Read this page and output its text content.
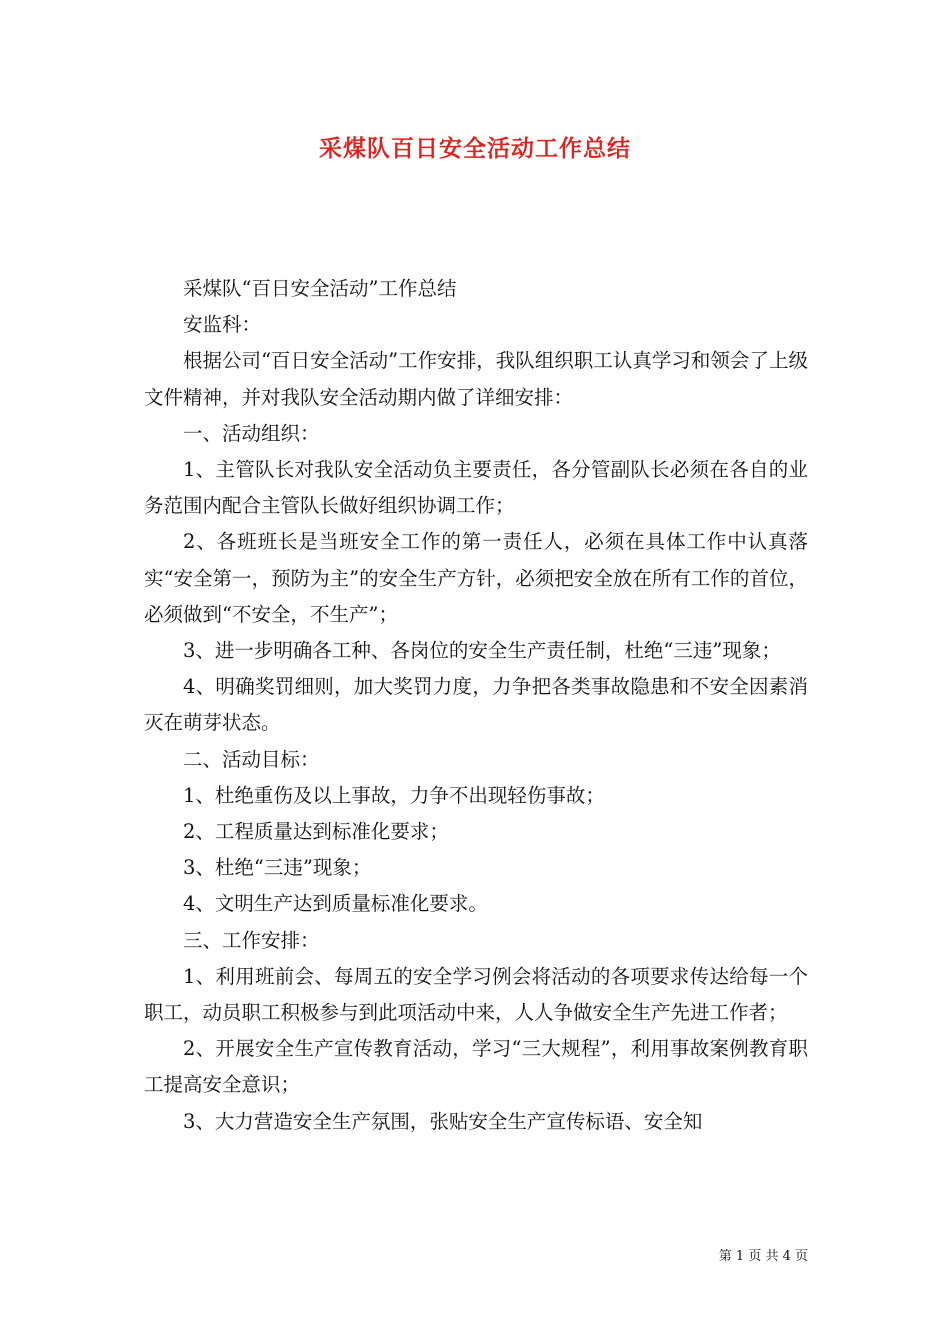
采煤队百日安全活动工作总结

采煤队“百日安全活动”工作总结

安监科：

根据公司“百日安全活动”工作安排，我队组织职工认真学习和领会了上级文件精神，并对我队安全活动期内做了详细安排：

一、活动组织：

1、主管队长对我队安全活动负主要责任，各分管副队长必须在各自的业务范围内配合主管队长做好组织协调工作；

2、各班班长是当班安全工作的第一责任人，必须在具体工作中认真落实“安全第一，预防为主”的安全生产方针，必须把安全放在所有工作的首位，必须做到“不安全，不生产”；

3、进一步明确各工种、各岗位的安全生产责任制，杜绝“三违”现象；

4、明确奖罚细则，加大奖罚力度，力争把各类事故隐患和不安全因素消灭在萌芽状态。

二、活动目标：

1、杜绝重伤及以上事故，力争不出现轻伤事故；

2、工程质量达到标准化要求；

3、杜绝“三违”现象；

4、文明生产达到质量标准化要求。

三、工作安排：

1、利用班前会、每周五的安全学习例会将活动的各项要求传达给每一个职工，动员职工积极参与到此项活动中来，人人争做安全生产先进工作者；

2、开展安全生产宣传教育活动，学习“三大规程”，利用事故案例教育职工提高安全意识；

3、大力营造安全生产氛围，张贴安全生产宣传标语、安全知

第 1 页 共 4 页
